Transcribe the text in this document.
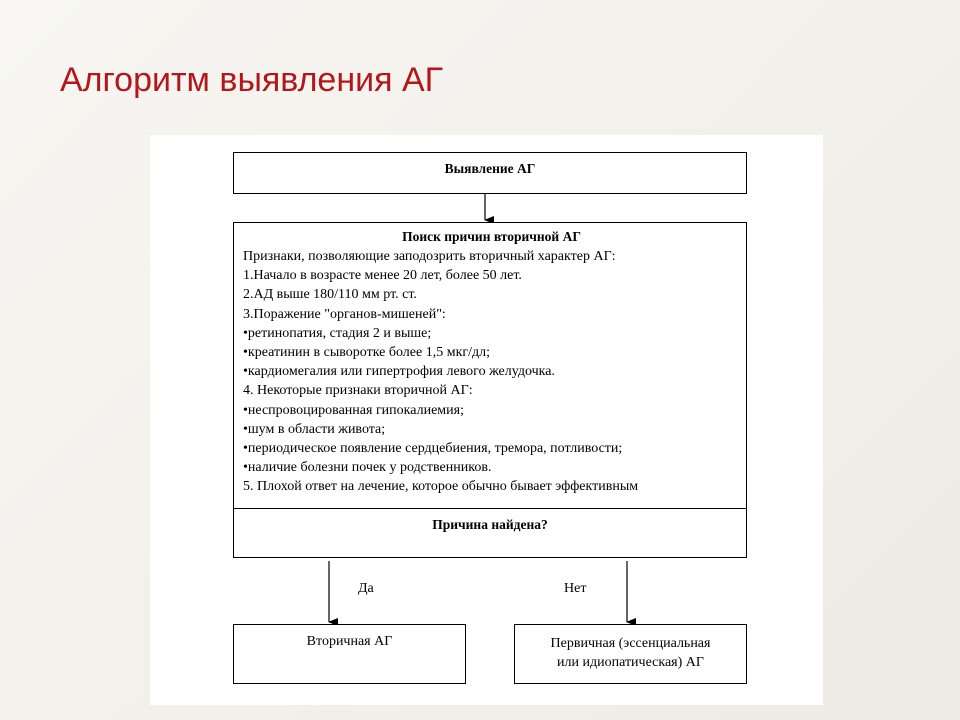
Алгоритм выявления АГ
Выявление АГ
Поиск причин вторичной АГ
Признаки, позволяющие заподозрить вторичный характер АГ:
1.Начало в возрасте менее 20 лет, более 50 лет.
2.АД выше 180/110 мм рт. ст.
3.Поражение "органов-мишеней":
•ретинопатия, стадия 2 и выше;
•креатинин в сыворотке более 1,5 мкг/дл;
•кардиомегалия или гипертрофия левого желудочка.
4. Некоторые признаки вторичной АГ:
•неспровоцированная гипокалиемия;
•шум в области живота;
•периодическое появление сердцебиения, тремора, потливости;
•наличие болезни почек у родственников.
5. Плохой ответ на лечение, которое обычно бывает эффективным
Причина найдена?
Да	Нет
Вторичная АГ	Первичная (эссенциальная
или идиопатическая) АГ
